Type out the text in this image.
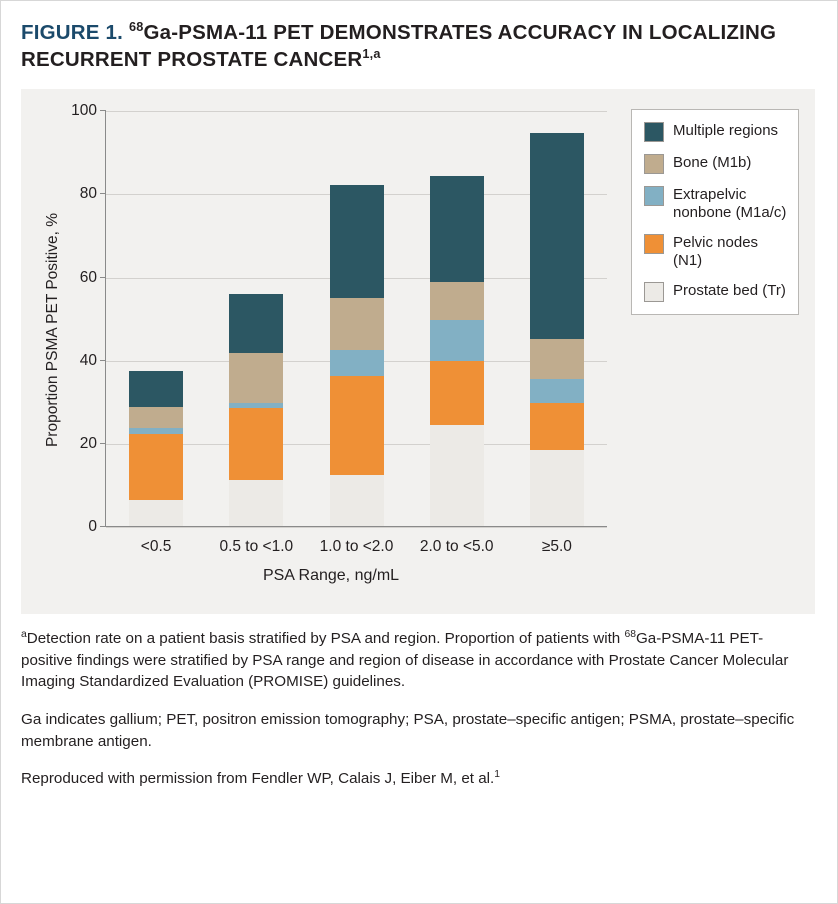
FIGURE 1. $^{68}$Ga-PSMA-11 PET DEMONSTRATES ACCURACY IN LOCALIZING RECURRENT PROSTATE CANCER$^{1,a}$
Proportion PSMA PET Positive, %
PSA Range, ng/mL
0
20
40
60
80
100
<0.5	0.5 to <1.0 1.0 to <2.0 2.0 to <5.0	≥5.0
Multiple regions
Bone (M1b)
Extrapelvic nonbone (M1a/c)
Pelvic nodes (N1)
Prostate bed (Tr)

$^a$Detection rate on a patient basis stratified by PSA and region. Proportion of patients with $^{68}$Ga-PSMA-11 PET- positive findings were stratified by PSA range and region of disease in accordance with Prostate Cancer Molecular Imaging Standardized Evaluation (PROMISE) guidelines.

Ga indicates gallium; PET, positron emission tomography; PSA, prostate–specific antigen; PSMA, prostate–specific membrane antigen.

Reproduced with permission from Fendler WP, Calais J, Eiber M, et al.$^1$
